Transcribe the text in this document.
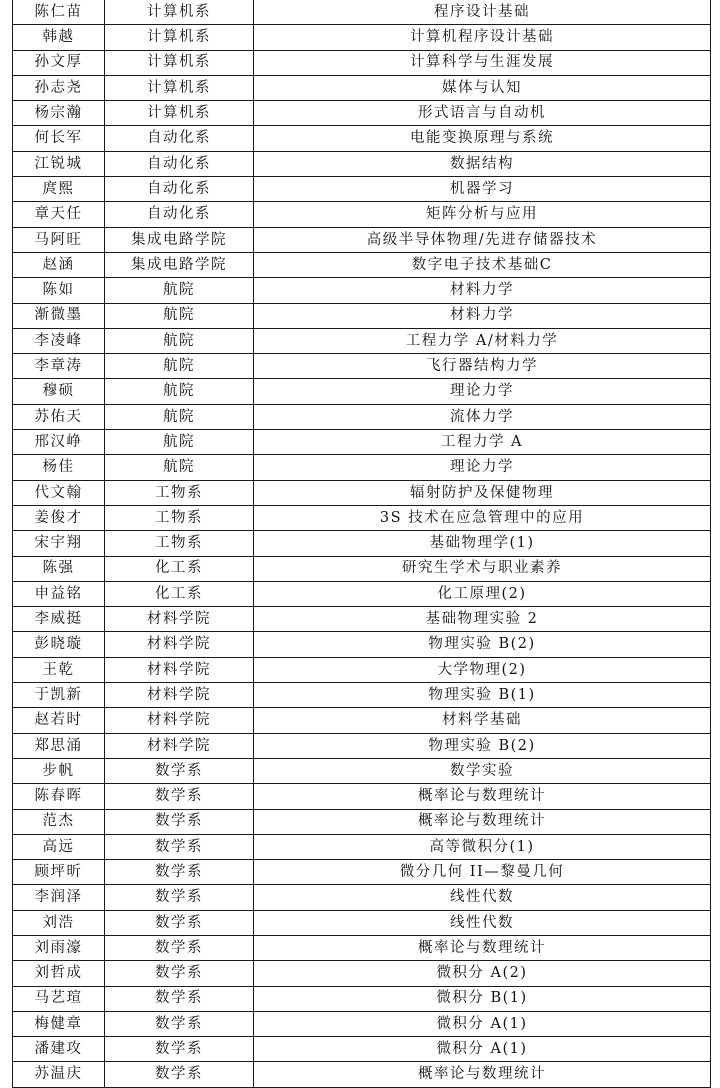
陈仁苗	计算机系	程序设计基础
韩越	计算机系	计算机程序设计基础
孙文厚	计算机系	计算科学与生涯发展
孙志尧	计算机系	媒体与认知
杨宗瀚	计算机系	形式语言与自动机
何长军	自动化系	电能变换原理与系统
江锐城	自动化系	数据结构
庹熙	自动化系	机器学习
章天任	自动化系	矩阵分析与应用
马阿旺	集成电路学院	高级半导体物理/先进存储器技术
赵涵	集成电路学院	数字电子技术基础C
陈如	航院	材料力学
渐微墨	航院	材料力学
李凌峰	航院	工程力学 A/材料力学
李章涛	航院	飞行器结构力学
穆硕	航院	理论力学
苏佑天	航院	流体力学
邢汉峥	航院	工程力学 A
杨佳	航院	理论力学
代文翰	工物系	辐射防护及保健物理
姜俊才	工物系	3S 技术在应急管理中的应用
宋宇翔	工物系	基础物理学(1)
陈强	化工系	研究生学术与职业素养
申益铭	化工系	化工原理(2)
李威挺	材料学院	基础物理实验 2
彭晓璇	材料学院	物理实验 B(2)
王乾	材料学院	大学物理(2)
于凯新	材料学院	物理实验 B(1)
赵若时	材料学院	材料学基础
郑思涌	材料学院	物理实验 B(2)
步帆	数学系	数学实验
陈春晖	数学系	概率论与数理统计
范杰	数学系	概率论与数理统计
高远	数学系	高等微积分(1)
顾坪昕	数学系	微分几何 II—黎曼几何
李润泽	数学系	线性代数
刘浩	数学系	线性代数
刘雨濠	数学系	概率论与数理统计
刘哲成	数学系	微积分 A(2)
马艺瑄	数学系	微积分 B(1)
梅健章	数学系	微积分 A(1)
潘建攻	数学系	微积分 A(1)
苏温庆	数学系	概率论与数理统计
